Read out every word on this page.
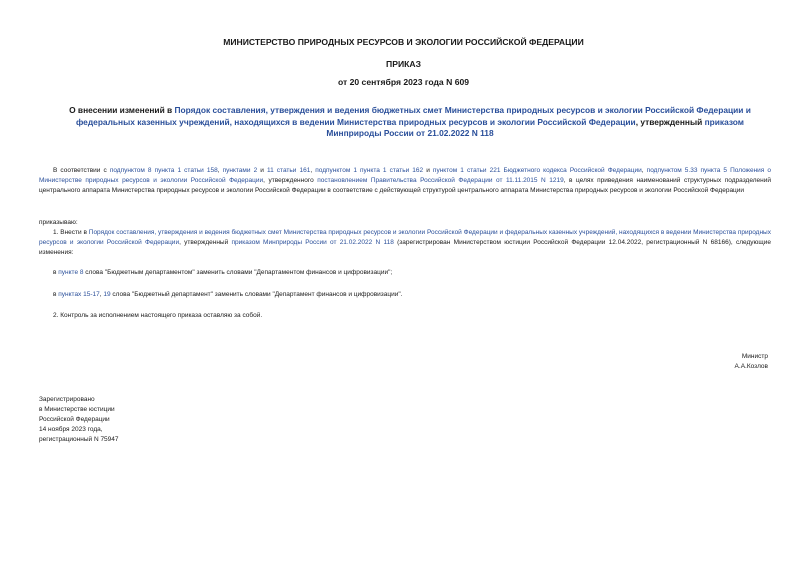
МИНИСТЕРСТВО ПРИРОДНЫХ РЕСУРСОВ И ЭКОЛОГИИ РОССИЙСКОЙ ФЕДЕРАЦИИ
ПРИКАЗ
от 20 сентября 2023 года N 609
О внесении изменений в Порядок составления, утверждения и ведения бюджетных смет Министерства природных ресурсов и экологии Российской Федерации и федеральных казенных учреждений, находящихся в ведении Министерства природных ресурсов и экологии Российской Федерации, утвержденный приказом Минприроды России от 21.02.2022 N 118
В соответствии с подпунктом 8 пункта 1 статьи 158, пунктами 2 и 11 статьи 161, подпунктом 1 пункта 1 статьи 162 и пунктом 1 статьи 221 Бюджетного кодекса Российской Федерации, подпунктом 5.33 пункта 5 Положения о Министерстве природных ресурсов и экологии Российской Федерации, утвержденного постановлением Правительства Российской Федерации от 11.11.2015 N 1219, в целях приведения наименований структурных подразделений центрального аппарата Министерства природных ресурсов и экологии Российской Федерации в соответствие с действующей структурой центрального аппарата Министерства природных ресурсов и экологии Российской Федерации
приказываю:
1. Внести в Порядок составления, утверждения и ведения бюджетных смет Министерства природных ресурсов и экологии Российской Федерации и федеральных казенных учреждений, находящихся в ведении Министерства природных ресурсов и экологии Российской Федерации, утвержденный приказом Минприроды России от 21.02.2022 N 118 (зарегистрирован Министерством юстиции Российской Федерации 12.04.2022, регистрационный N 68166), следующие изменения:
в пункте 8 слова "Бюджетным департаментом" заменить словами "Департаментом финансов и цифровизации";
в пунктах 15-17, 19 слова "Бюджетный департамент" заменить словами "Департамент финансов и цифровизации".
2. Контроль за исполнением настоящего приказа оставляю за собой.
Министр
А.А.Козлов
Зарегистрировано
в Министерстве юстиции
Российской Федерации
14 ноября 2023 года,
регистрационный N 75947
